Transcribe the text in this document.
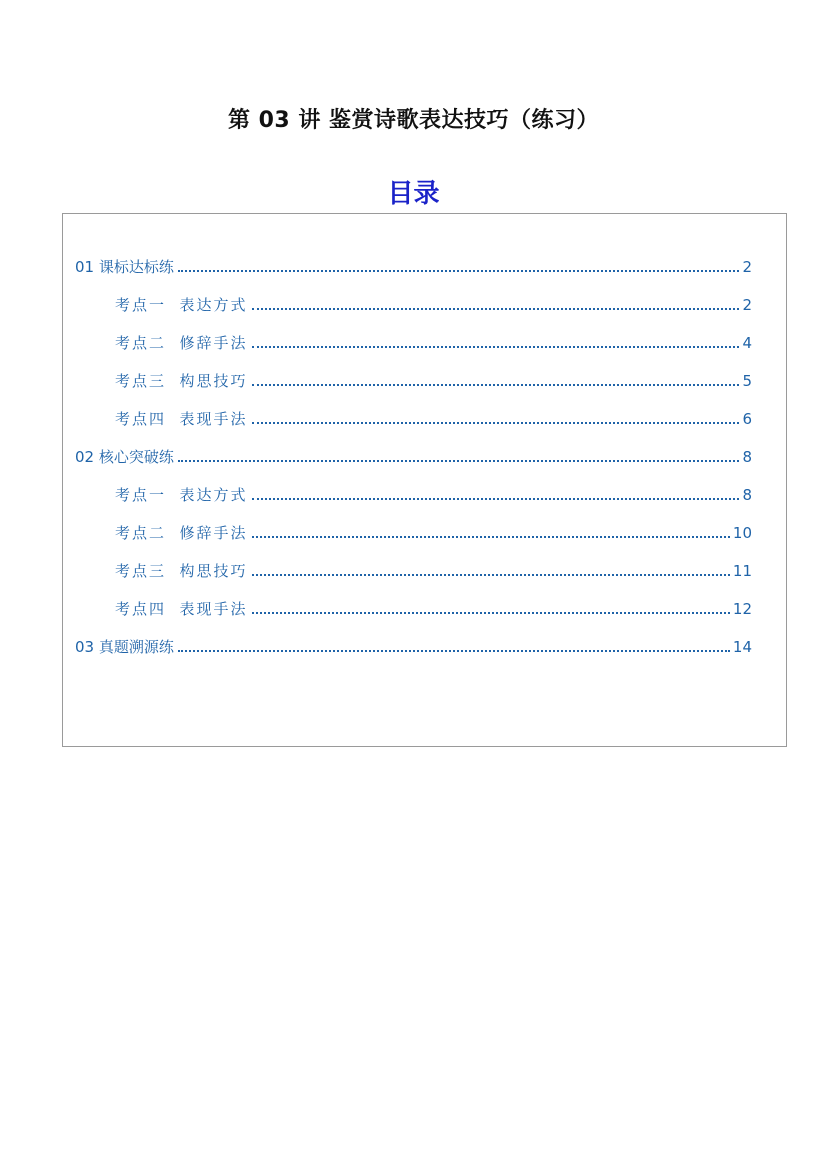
第 03 讲 鉴赏诗歌表达技巧（练习）
目录
01 课标达标练	2
考点一  表达方式	2
考点二  修辞手法	4
考点三  构思技巧	5
考点四  表现手法	6
02 核心突破练	8
考点一  表达方式	8
考点二  修辞手法	10
考点三  构思技巧	11
考点四  表现手法	12
03 真题溯源练	14
